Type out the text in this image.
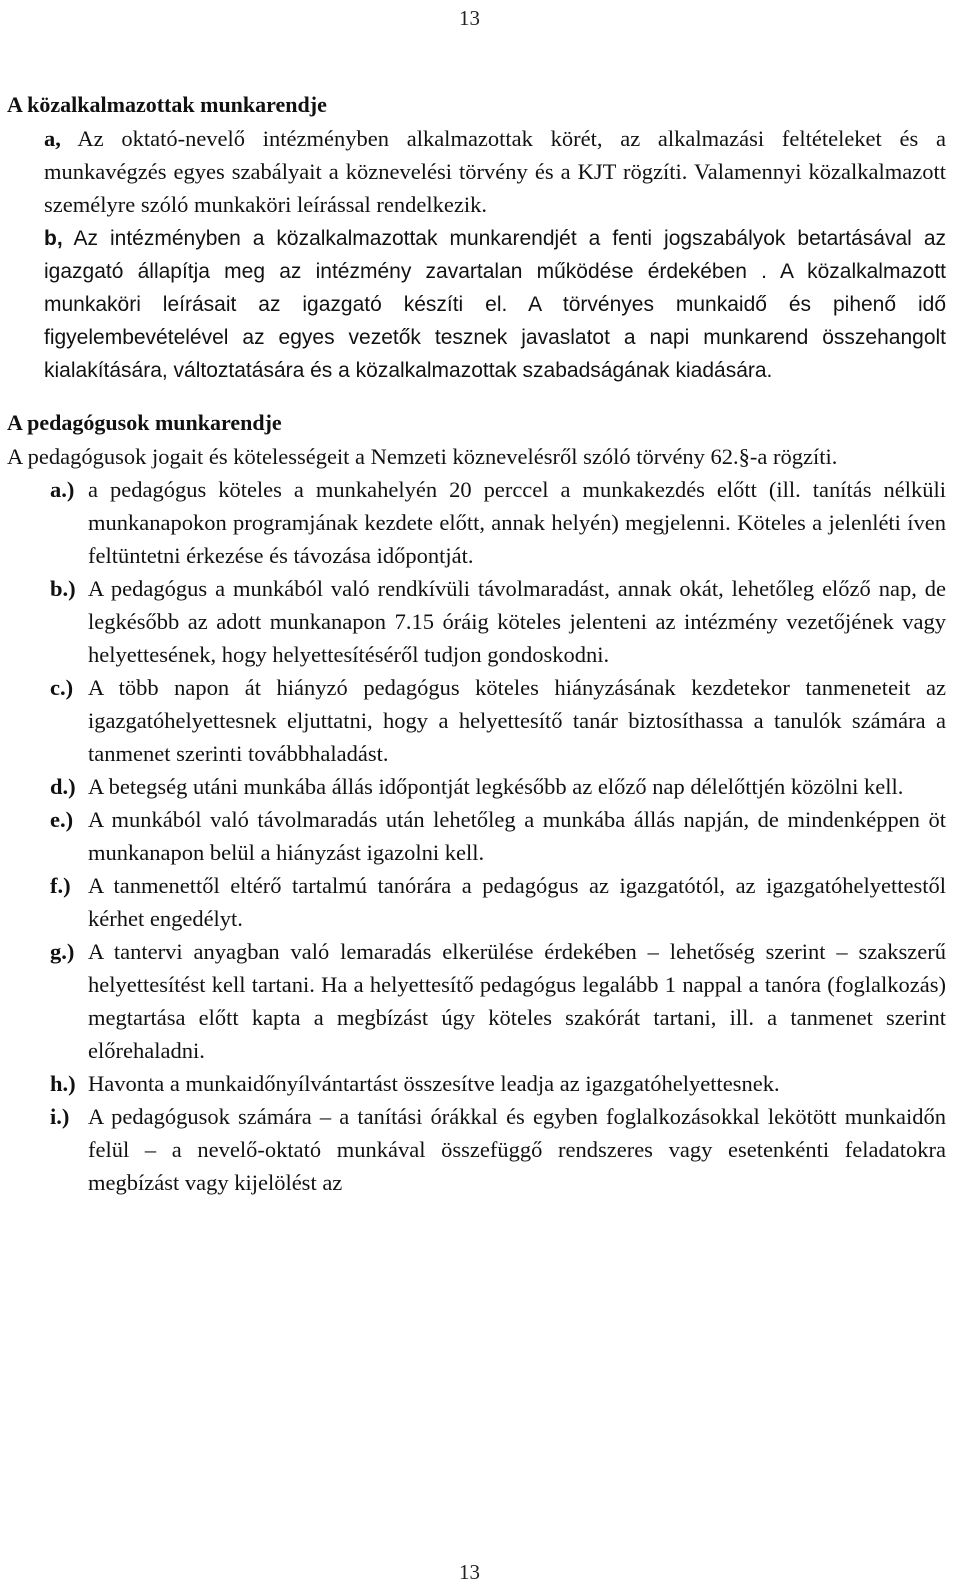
13
A közalkalmazottak munkarendje

a, Az oktató-nevelő intézményben alkalmazottak körét, az alkalmazási feltételeket és a munkavégzés egyes szabályait a köznevelési törvény és a KJT rögzíti. Valamennyi közalkalmazott személyre szóló munkaköri leírással rendelkezik.

b, Az intézményben a közalkalmazottak munkarendjét a fenti jogszabályok betartásával az igazgató állapítja meg az intézmény zavartalan működése érdekében . A közalkalmazott munkaköri leírásait az igazgató készíti el. A törvényes munkaidő és pihenő idő figyelembevételével az egyes vezetők tesznek javaslatot a napi munkarend összehangolt kialakítására, változtatására és a közalkalmazottak szabadságának kiadására.

A pedagógusok munkarendje

A pedagógusok jogait és kötelességeit a Nemzeti köznevelésről szóló törvény 62.§-a rögzíti.

a.) a pedagógus köteles a munkahelyén 20 perccel a munkakezdés előtt (ill. tanítás nélküli munkanapokon programjának kezdete előtt, annak helyén) megjelenni. Köteles a jelenléti íven feltüntetni érkezése és távozása időpontját.

b.) A pedagógus a munkából való rendkívüli távolmaradást, annak okát, lehetőleg előző nap, de legkésőbb az adott munkanapon 7.15 óráig köteles jelenteni az intézmény vezetőjének vagy helyettesének, hogy helyettesítéséről tudjon gondoskodni.

c.) A több napon át hiányzó pedagógus köteles hiányzásának kezdetekor tanmeneteit az igazgatóhelyettesnek eljuttatni, hogy a helyettesítő tanár biztosíthassa a tanulók számára a tanmenet szerinti továbbhaladást.

d.) A betegség utáni munkába állás időpontját legkésőbb az előző nap délelőttjén közölni kell.

e.) A munkából való távolmaradás után lehetőleg a munkába állás napján, de mindenképpen öt munkanapon belül a hiányzást igazolni kell.

f.) A tanmenettől eltérő tartalmú tanórára a pedagógus az igazgatótól, az igazgatóhelyettestől kérhet engedélyt.

g.) A tantervi anyagban való lemaradás elkerülése érdekében – lehetőség szerint – szakszerű helyettesítést kell tartani. Ha a helyettesítő pedagógus legalább 1 nappal a tanóra (foglalkozás) megtartása előtt kapta a megbízást úgy köteles szakórát tartani, ill. a tanmenet szerint előrehaladni.

h.) Havonta a munkaidőnyílvántartást összesítve leadja az igazgatóhelyettesnek.

i.) A pedagógusok számára – a tanítási órákkal és egyben foglalkozásokkal lekötött munkaidőn felül – a nevelő-oktató munkával összefüggő rendszeres vagy esetenkénti feladatokra megbízást vagy kijelölést az

13
